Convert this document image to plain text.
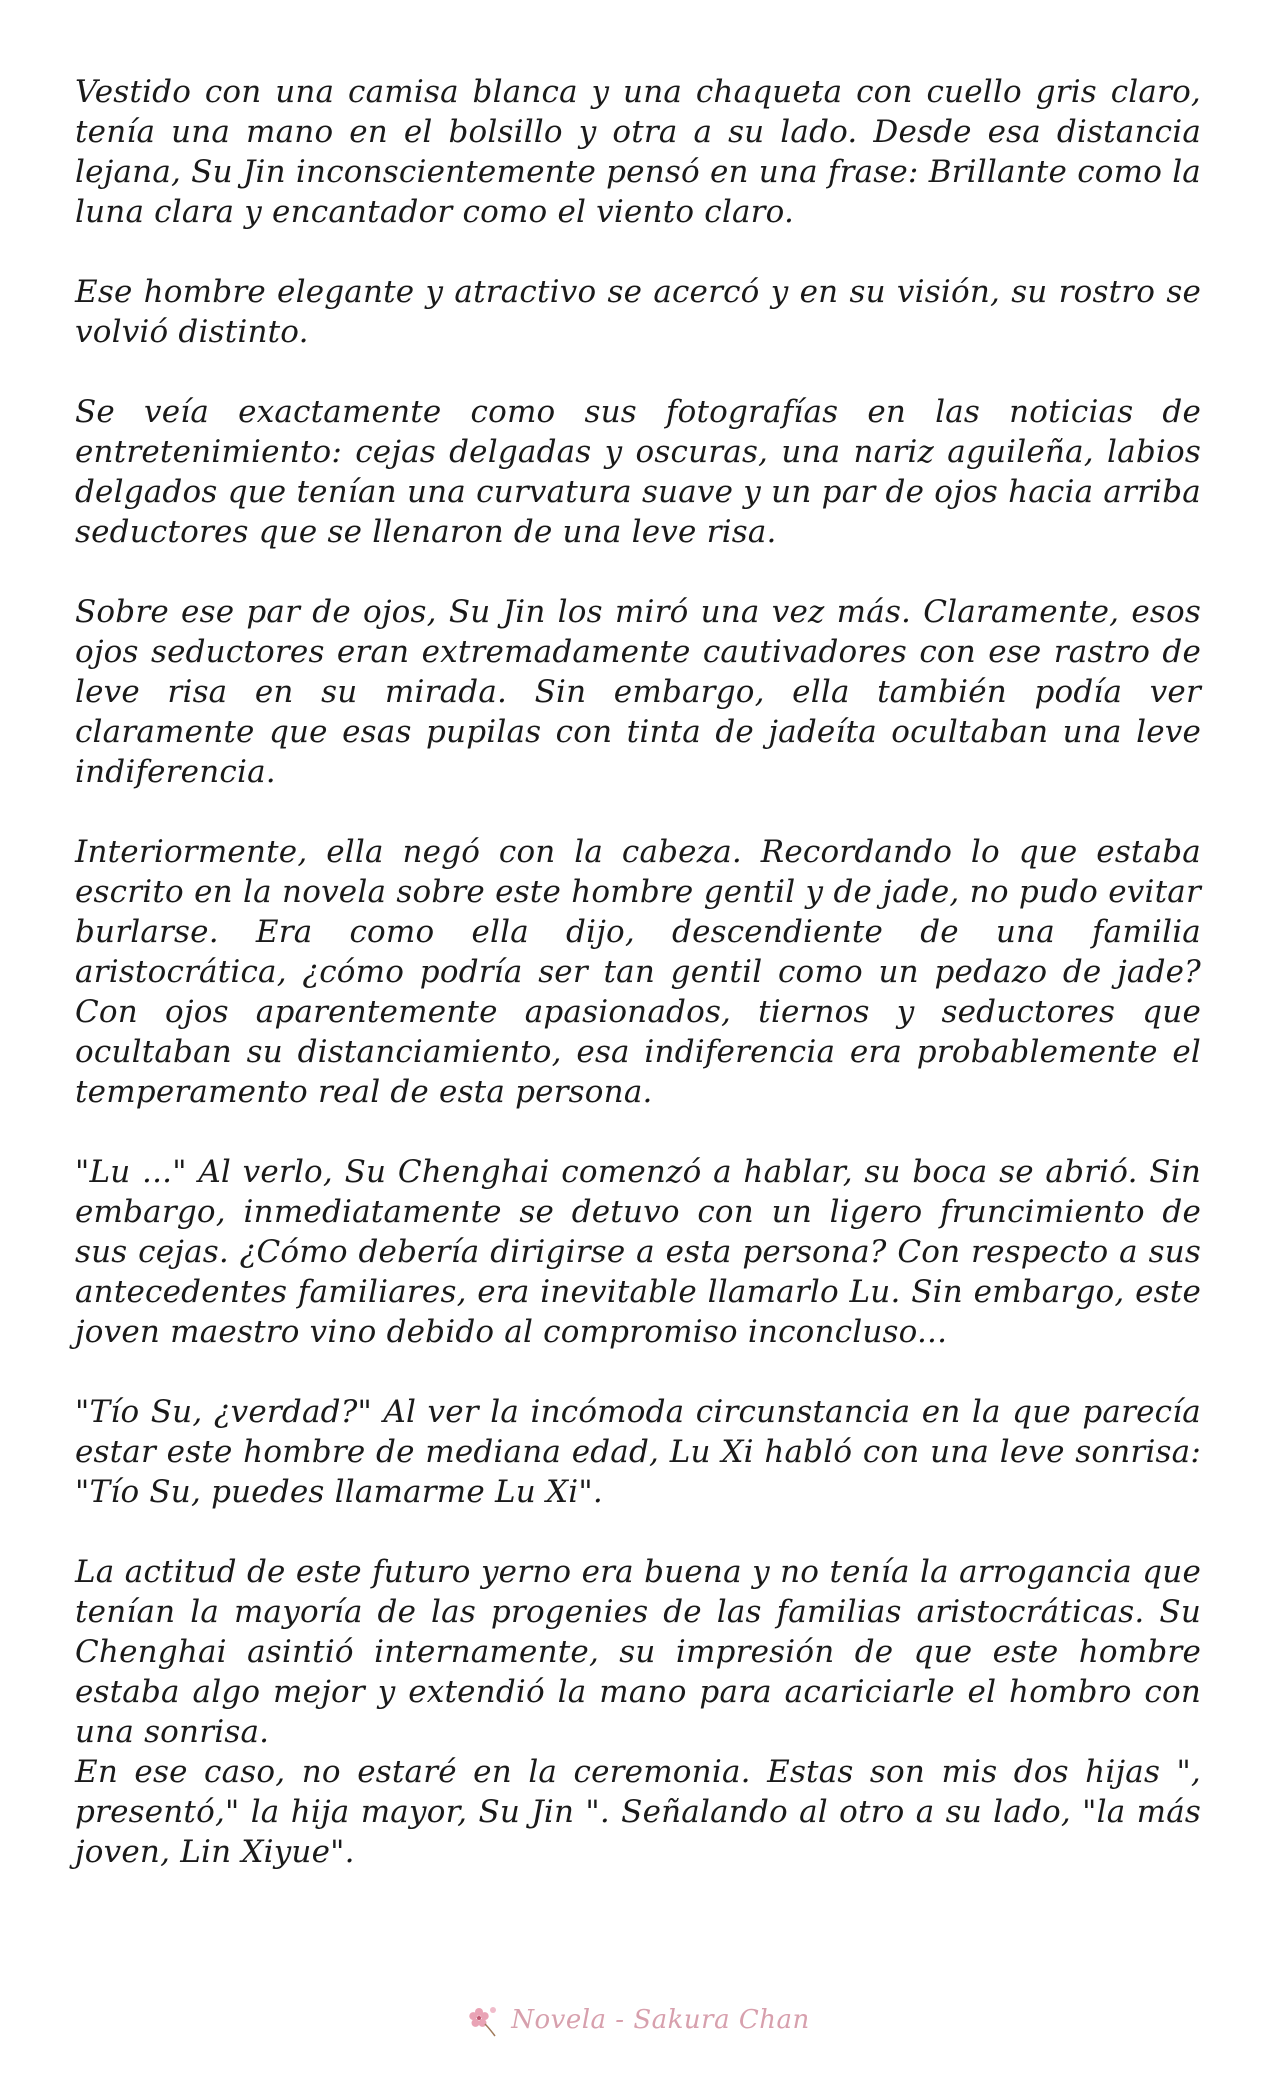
Vestido con una camisa blanca y una chaqueta con cuello gris claro, tenía una mano en el bolsillo y otra a su lado. Desde esa distancia lejana, Su Jin inconscientemente pensó en una frase: Brillante como la luna clara y encantador como el viento claro.

Ese hombre elegante y atractivo se acercó y en su visión, su rostro se volvió distinto.

Se veía exactamente como sus fotografías en las noticias de entretenimiento: cejas delgadas y oscuras, una nariz aguileña, labios delgados que tenían una curvatura suave y un par de ojos hacia arriba seductores que se llenaron de una leve risa.

Sobre ese par de ojos, Su Jin los miró una vez más. Claramente, esos ojos seductores eran extremadamente cautivadores con ese rastro de leve risa en su mirada. Sin embargo, ella también podía ver claramente que esas pupilas con tinta de jadeíta ocultaban una leve indiferencia.

Interiormente, ella negó con la cabeza. Recordando lo que estaba escrito en la novela sobre este hombre gentil y de jade, no pudo evitar burlarse. Era como ella dijo, descendiente de una familia aristocrática, ¿cómo podría ser tan gentil como un pedazo de jade? Con ojos aparentemente apasionados, tiernos y seductores que ocultaban su distanciamiento, esa indiferencia era probablemente el temperamento real de esta persona.

"Lu ..." Al verlo, Su Chenghai comenzó a hablar, su boca se abrió. Sin embargo, inmediatamente se detuvo con un ligero fruncimiento de sus cejas. ¿Cómo debería dirigirse a esta persona? Con respecto a sus antecedentes familiares, era inevitable llamarlo Lu. Sin embargo, este joven maestro vino debido al compromiso inconcluso...

"Tío Su, ¿verdad?" Al ver la incómoda circunstancia en la que parecía estar este hombre de mediana edad, Lu Xi habló con una leve sonrisa: "Tío Su, puedes llamarme Lu Xi".

La actitud de este futuro yerno era buena y no tenía la arrogancia que tenían la mayoría de las progenies de las familias aristocráticas. Su Chenghai asintió internamente, su impresión de que este hombre estaba algo mejor y extendió la mano para acariciarle el hombro con una sonrisa.

En ese caso, no estaré en la ceremonia. Estas son mis dos hijas ", presentó," la hija mayor, Su Jin ". Señalando al otro a su lado, "la más joven, Lin Xiyue".

Novela - Sakura Chan
